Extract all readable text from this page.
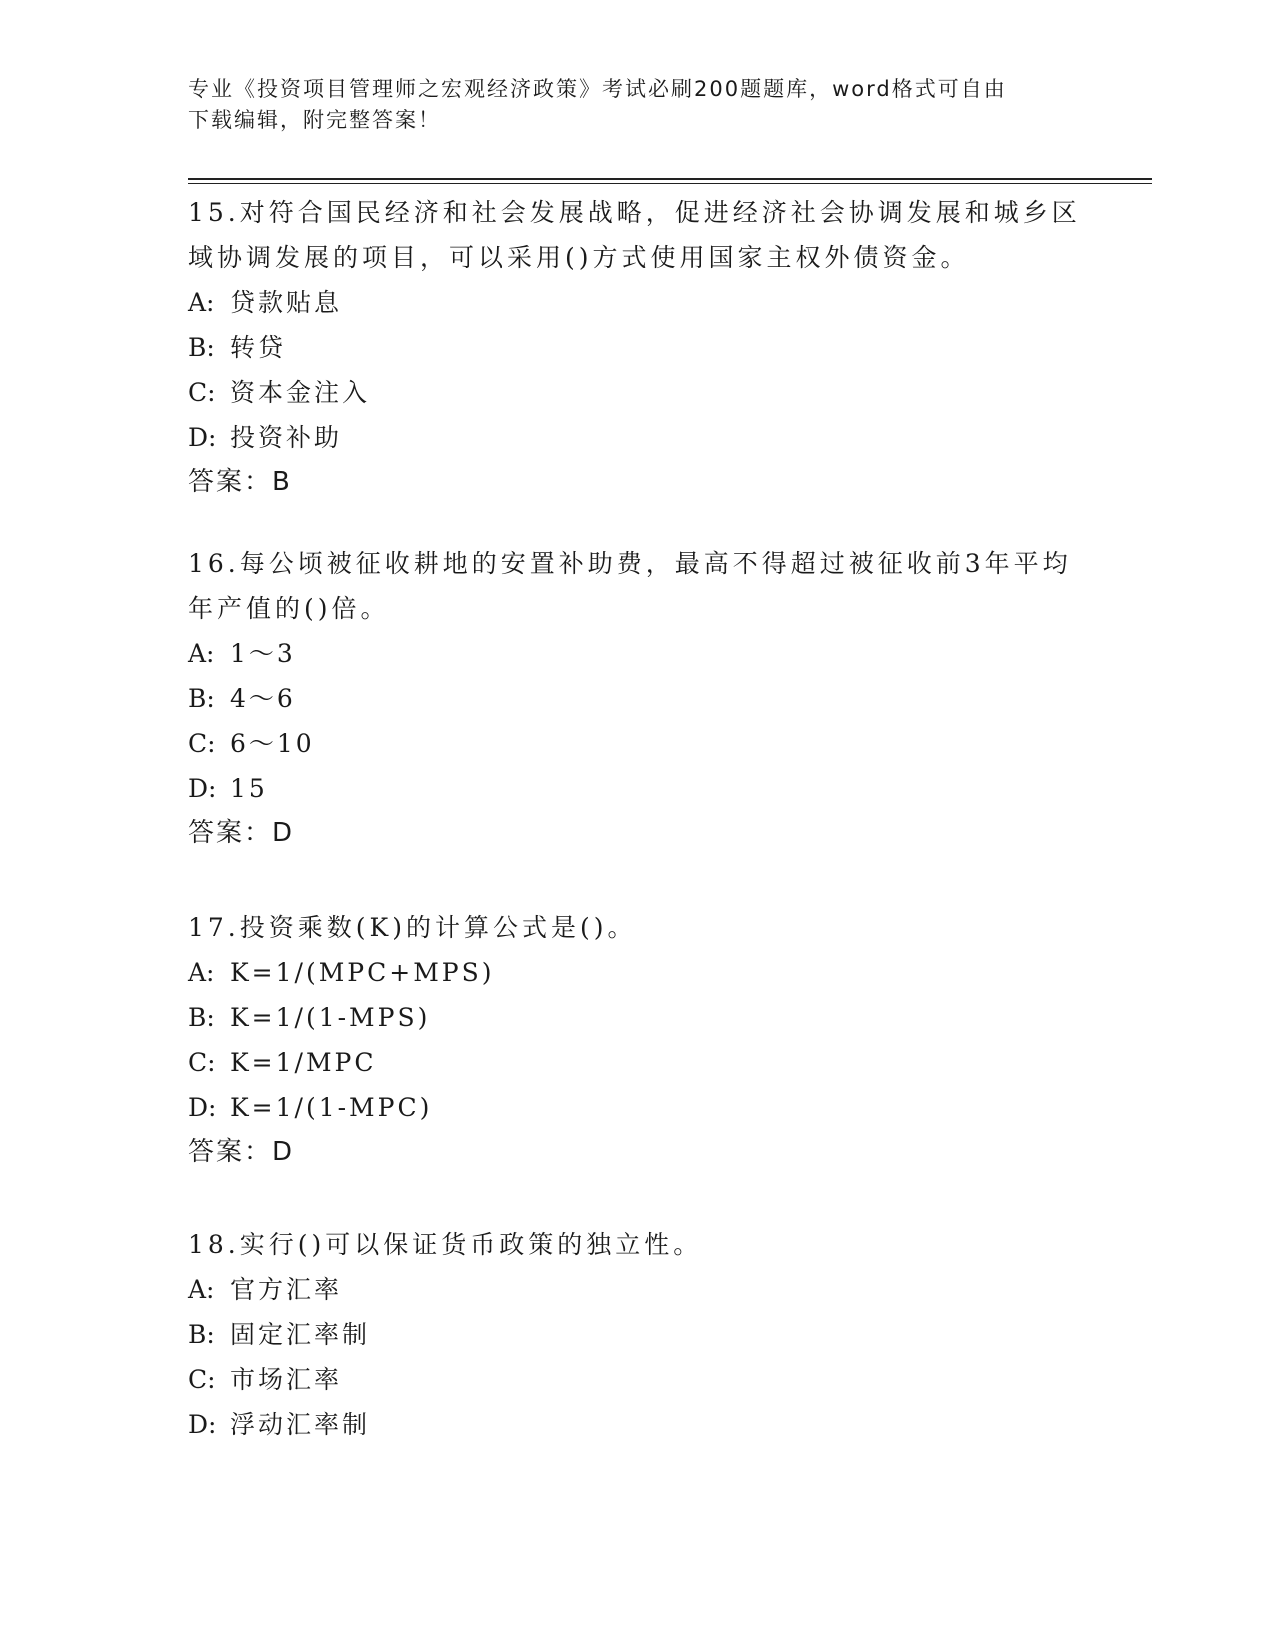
专业《投资项目管理师之宏观经济政策》考试必刷200题题库，word格式可自由
下载编辑，附完整答案！

15.对符合国民经济和社会发展战略，促进经济社会协调发展和城乡区

域协调发展的项目，可以采用()方式使用国家主权外债资金。

A: 贷款贴息

B: 转贷

C: 资本金注入

D: 投资补助

答案：B

16.每公顷被征收耕地的安置补助费，最高不得超过被征收前3年平均

年产值的()倍。

A: 1～3

B: 4～6

C: 6～10

D: 15

答案：D

17.投资乘数(K)的计算公式是()。

A: K=1/(MPC+MPS)

B: K=1/(1-MPS)

C: K=1/MPC

D: K=1/(1-MPC)

答案：D

18.实行()可以保证货币政策的独立性。

A: 官方汇率

B: 固定汇率制

C: 市场汇率

D: 浮动汇率制
